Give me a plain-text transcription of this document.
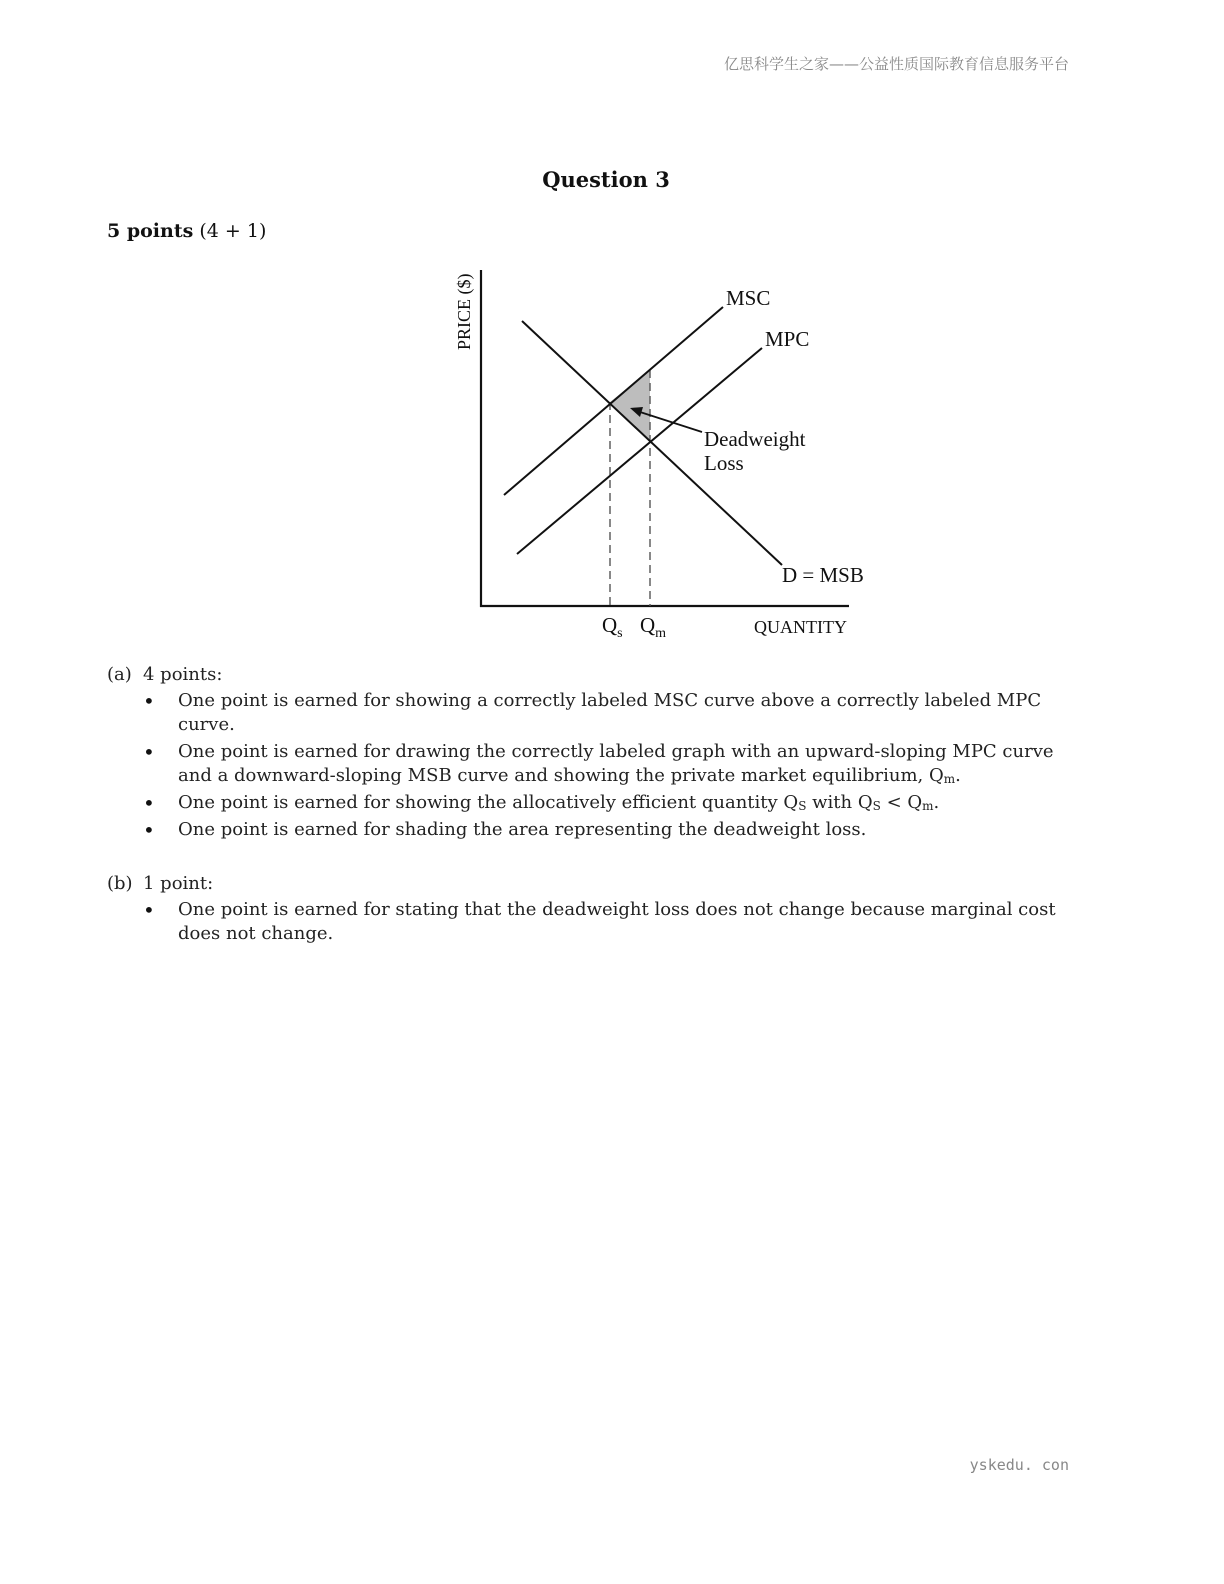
亿思科学生之家——公益性质国际教育信息服务平台
Question 3
5 points (4 + 1)
MSC
MPC
Deadweight
Loss
D = MSB
QUANTITY
PRICE ($)
$Q_s$ $Q_m$
(a) 4 points:
• One point is earned for showing a correctly labeled MSC curve above a correctly labeled MPC curve.
• One point is earned for drawing the correctly labeled graph with an upward-sloping MPC curve and a downward-sloping MSB curve and showing the private market equilibrium, $Q_m$.
• One point is earned for showing the allocatively efficient quantity $Q_S$ with $Q_S < Q_m$.
• One point is earned for shading the area representing the deadweight loss.
(b) 1 point:
• One point is earned for stating that the deadweight loss does not change because marginal cost does not change.
yskedu. con
